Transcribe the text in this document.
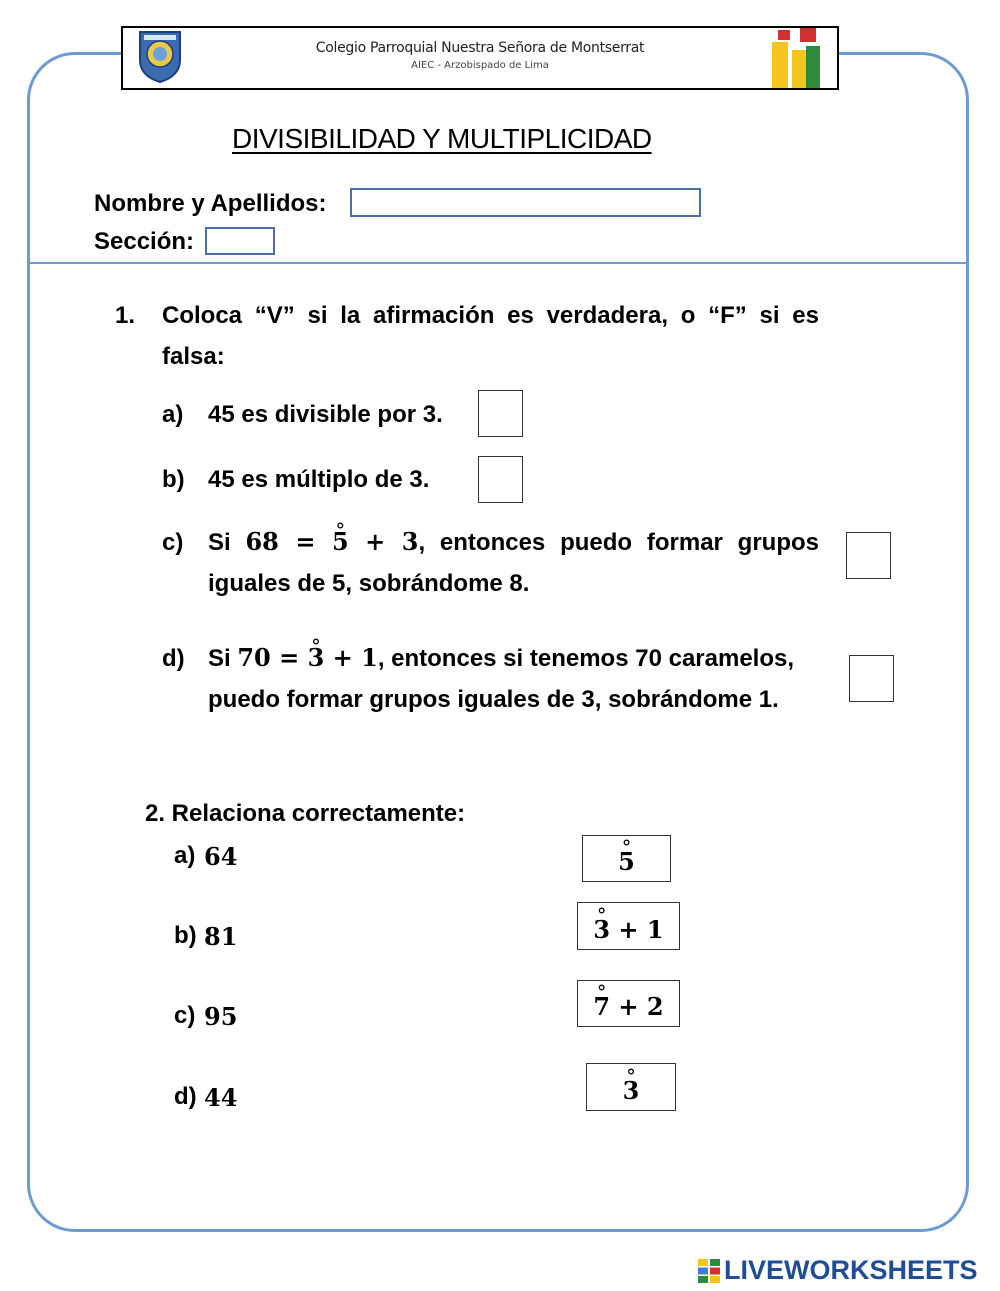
Colegio Parroquial Nuestra Señora de Montserrat
AIEC - Arzobispado de Lima
DIVISIBILIDAD Y MULTIPLICIDAD
Nombre y Apellidos:
Sección:
1. Coloca “V” si la afirmación es verdadera, o “F” si es
falsa:
a) 45 es divisible por 3.
b) 45 es múltiplo de 3.
c) Si 68 = ° 5 + 3, entonces puedo formar grupos
iguales de 5, sobrándome 8.
d) Si 70 = ° 3 + 1, entonces si tenemos 70 caramelos,
puedo formar grupos iguales de 3, sobrándome 1.
2. Relaciona correctamente:
a) 64
b) 81
c) 95
d) 44
° 5
° 3 + 1
° 7 + 2
° 3
LIVEWORKSHEETS
